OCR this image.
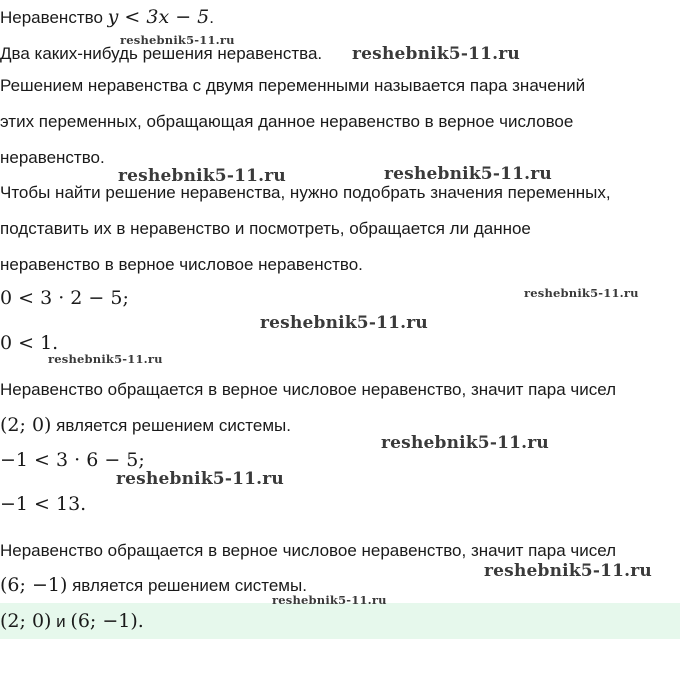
Неравенство y < 3x − 5.
Два каких-нибудь решения неравенства.
Решением неравенства с двумя переменными называется пара значений
этих переменных, обращающая данное неравенство в верное числовое
неравенство.
Чтобы найти решение неравенства, нужно подобрать значения переменных,
подставить их в неравенство и посмотреть, обращается ли данное
неравенство в верное числовое неравенство.
0 < 3 · 2 − 5;
0 < 1.
Неравенство обращается в верное числовое неравенство, значит пара чисел
(2; 0) является решением системы.
−1 < 3 · 6 − 5;
−1 < 13.
Неравенство обращается в верное числовое неравенство, значит пара чисел
(6; −1) является решением системы.
(2; 0) и (6; −1).
reshebnik5-11.ru
reshebnik5-11.ru
reshebnik5-11.ru	reshebnik5-11.ru
reshebnik5-11.ru
reshebnik5-11.ru
reshebnik5-11.ru
reshebnik5-11.ru
reshebnik5-11.ru
reshebnik5-11.ru
reshebnik5-11.ru
